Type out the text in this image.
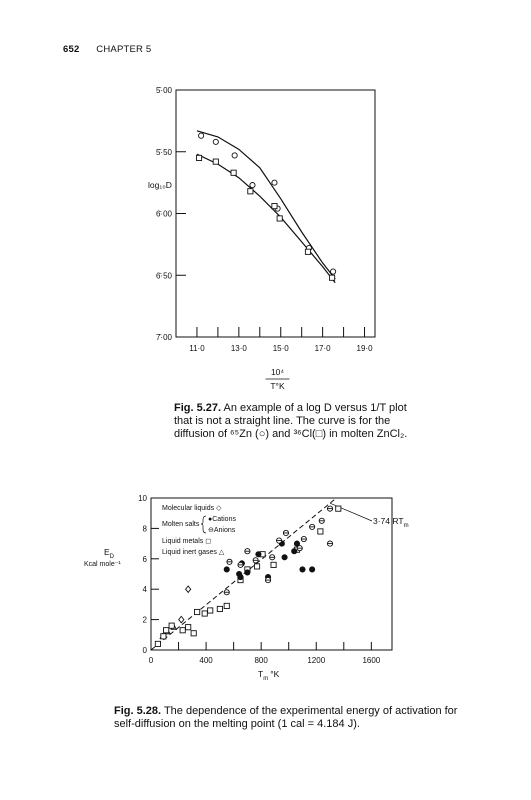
652 CHAPTER 5
11·0	13·0	15·0	17·0	19·0
5̄·00
5̄·50
6̄·00
6̄·50
7̄·00
log₁₀D
10⁴
T°K
Fig. 5.27. An example of a log D versus 1/T plot that is not a straight line. The curve is for the diffusion of ⁶⁵Zn (○) and ³⁶Cl(□) in molten ZnCl₂.
0	400	800	1200	1600
0
2
4
6
8
10
3·74 $RT_m$
Molecular liquids ◇
Molten salts
●Cations
⊖Anions
Liquid metals ◻
Liquid inert gases △
$E_D$
Kcal mole⁻¹
$T_m$ °K
Fig. 5.28. The dependence of the experimental energy of activation for self-diffusion on the melting point (1 cal = 4.184 J).
